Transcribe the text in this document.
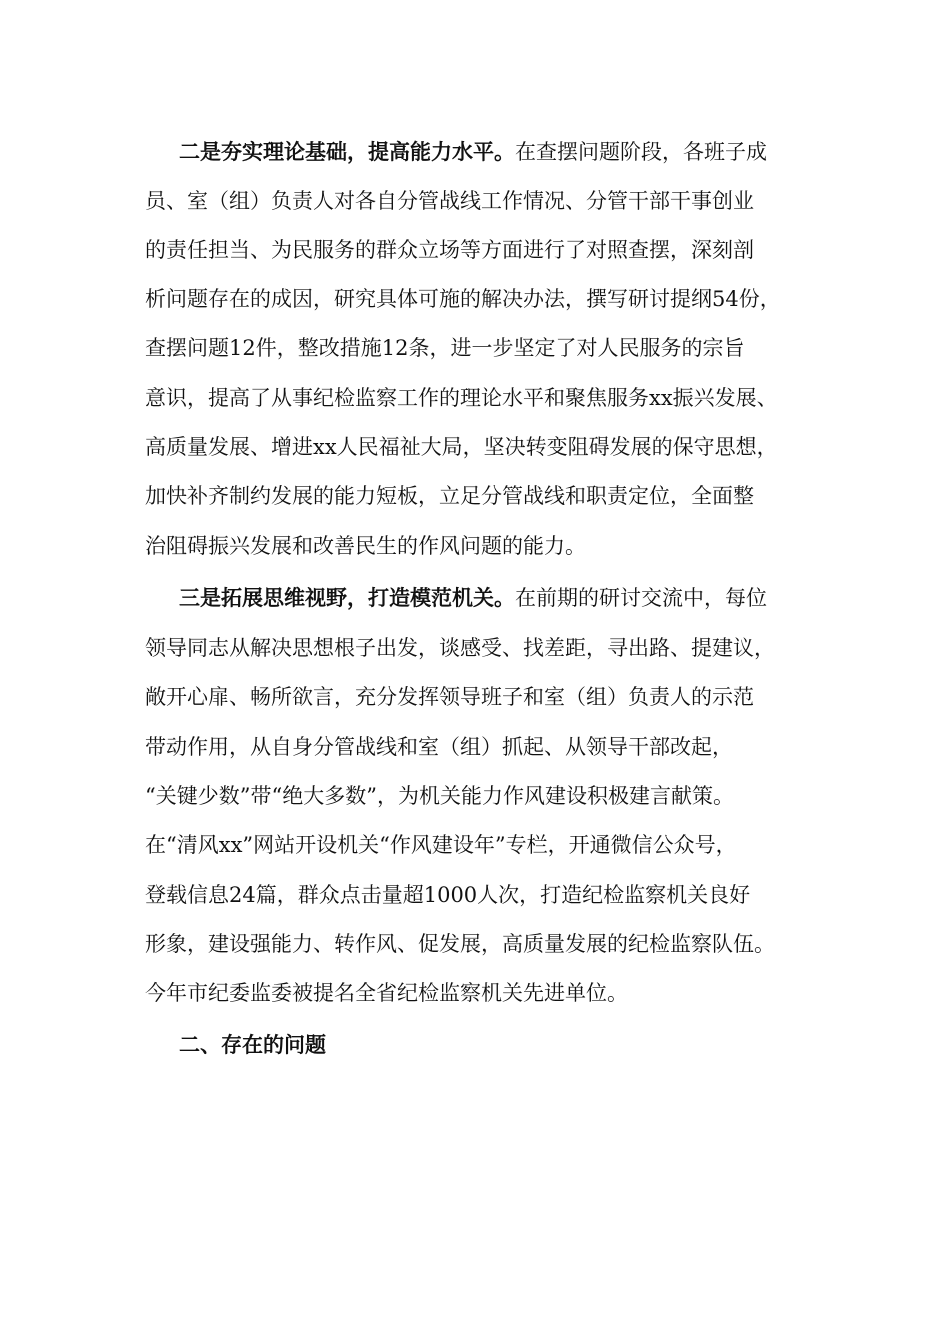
二是夯实理论基础，提高能力水平。在查摆问题阶段，各班子成
员、室（组）负责人对各自分管战线工作情况、分管干部干事创业
的责任担当、为民服务的群众立场等方面进行了对照查摆，深刻剖
析问题存在的成因，研究具体可施的解决办法，撰写研讨提纲54份，
查摆问题12件，整改措施12条，进一步坚定了对人民服务的宗旨
意识，提高了从事纪检监察工作的理论水平和聚焦服务xx振兴发展、
高质量发展、增进xx人民福祉大局，坚决转变阻碍发展的保守思想，
加快补齐制约发展的能力短板，立足分管战线和职责定位，全面整
治阻碍振兴发展和改善民生的作风问题的能力。
三是拓展思维视野，打造模范机关。在前期的研讨交流中，每位
领导同志从解决思想根子出发，谈感受、找差距，寻出路、提建议，
敞开心扉、畅所欲言，充分发挥领导班子和室（组）负责人的示范
带动作用，从自身分管战线和室（组）抓起、从领导干部改起，
“关键少数”带“绝大多数”，为机关能力作风建设积极建言献策。
在“清风xx”网站开设机关“作风建设年”专栏，开通微信公众号，
登载信息24篇，群众点击量超1000人次，打造纪检监察机关良好
形象，建设强能力、转作风、促发展，高质量发展的纪检监察队伍。
今年市纪委监委被提名全省纪检监察机关先进单位。
二、存在的问题
